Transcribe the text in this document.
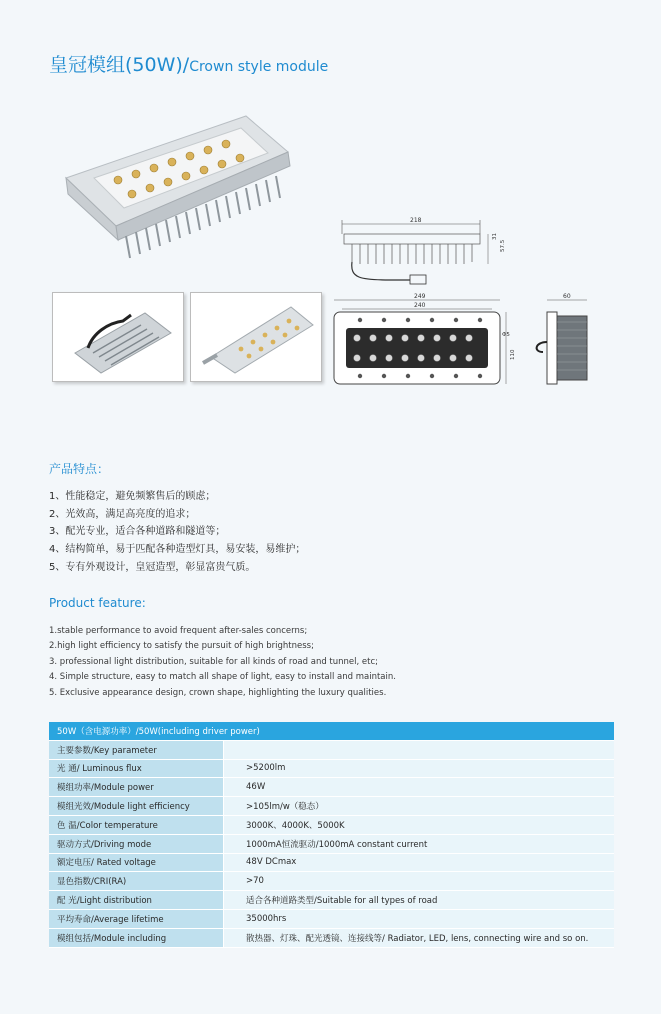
皇冠模组(50W)/Crown style module
218
31
57.5
249
240
Φ5
110
60
产品特点：
1、性能稳定，避免频繁售后的顾虑；
2、光效高，满足高亮度的追求；
3、配光专业，适合各种道路和隧道等；
4、结构简单，易于匹配各种造型灯具，易安装，易维护；
5、专有外观设计，皇冠造型，彰显富贵气质。
Product feature:
1.stable performance to avoid frequent after-sales concerns;
2.high light efficiency to satisfy the pursuit of high brightness;
3. professional light distribution, suitable for all kinds of road and tunnel, etc;
4. Simple structure, easy to match all shape of light, easy to install and maintain.
5. Exclusive appearance design, crown shape, highlighting the luxury qualities.
50W（含电源功率）/50W(including driver power)	
主要参数/Key parameter	
光 通/ Luminous flux	>5200lm
模组功率/Module power	46W
模组光效/Module light efficiency	>105lm/w（稳态）
色 温/Color temperature	3000K、4000K、5000K
驱动方式/Driving mode	1000mA恒流驱动/1000mA constant current
额定电压/ Rated voltage	48V DCmax
显色指数/CRI(RA)	>70
配 光/Light distribution	适合各种道路类型/Suitable for all types of road
平均寿命/Average lifetime	35000hrs
模组包括/Module including	散热器、灯珠、配光透镜、连接线等/ Radiator, LED, lens, connecting wire and so on.
